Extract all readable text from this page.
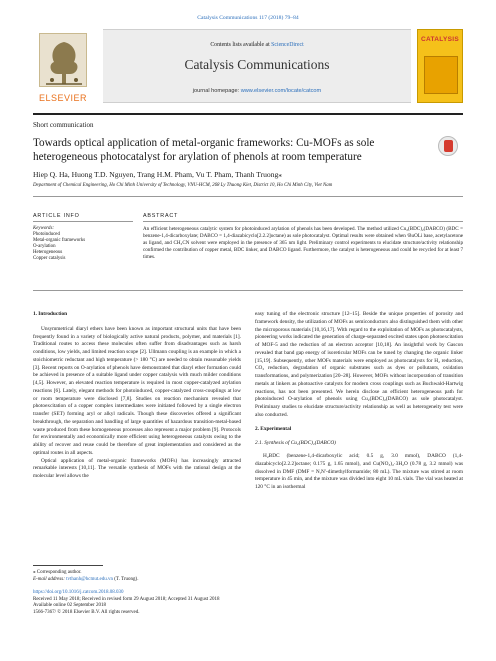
Catalysis Communications 117 (2018) 79–84
ELSEVIER
Contents lists available at ScienceDirect
Catalysis Communications
journal homepage: www.elsevier.com/locate/catcom
CATALYSIS
Short communication
Towards optical application of metal-organic frameworks: Cu-MOFs as sole heterogeneous photocatalyst for arylation of phenols at room temperature
Hiep Q. Ha, Huong T.D. Nguyen, Trang H.M. Pham, Vu T. Pham, Thanh Truong⁎
Department of Chemical Engineering, Ho Chi Minh University of Technology, VNU-HCM, 268 Ly Thuong Kiet, District 10, Ho Chi Minh City, Viet Nam
ARTICLE INFO	ABSTRACT
Keywords:
Photoinduced
Metal-organic frameworks
O-arylation
Heterogeneous
Copper catalysis
An efficient heterogeneous catalytic system for photoinduced arylation of phenols has been developed. The method utilized Cu₂(BDC)₂(DABCO) (BDC = benzene-1,4-dicarboxylate; DABCO = 1,4-diazabicyclo[2.2.2]octane) as sole photocatalyst. Optimal results were obtained when ᵗBuOLi base, acetylacetone as ligand, and CH₃CN solvent were employed in the presence of 365 nm light. Preliminary control experiments to elucidate structure/activity relationship confirmed the contribution of copper metal, BDC linker, and DABCO ligand. Furthermore, the catalyst is heterogeneous and could be recycled for at least 7 times.
1. Introduction

Unsymmetrical diaryl ethers have been known as important structural units that have been frequently found in a variety of biologically active natural products, polymer, and materials [1]. Traditional routes to access these molecules often suffer from disadvantages such as harsh conditions, low yields, and limited reaction scope [2]. Ullmann coupling is an example in which a stoichiometric reductant and high temperature (> 180 °C) are needed to obtain reasonable yields [3]. Recent reports on O-arylation of phenols have demonstrated that diaryl ether formation could be achieved in presence of a suitable ligand under copper catalysis with much milder conditions [4,5]. However, an elevated reaction temperature is required in most copper-catalyzed arylation reactions [6]. Lately, elegant methods for photoinduced, copper-catalyzed cross-couplings at low or room temperature were disclosed [7,8]. Studies on reaction mechanism revealed that photoexcitation of a copper complex intermediates were initiated followed by a single electron transfer (SET) forming aryl or alkyl radicals. Though these discoveries offered a significant breakthrough, the separation and handling of large quantities of hazardous transition-metal-based waste produced from these homogeneous processes also represent a major problem [9]. Protocols for environmentally and economically more efficient using heterogeneous catalysts owing to the ability of recover and reuse could be therefore of great implementation and considered as the optimal routes in all aspects.

Optical application of metal-organic frameworks (MOFs) has increasingly attracted remarkable interests [10,11]. The versatile synthesis of MOFs with the rational design at the molecular level allows the

easy tuning of the electronic structure [12–15]. Beside the unique properties of porosity and framework density, the utilization of MOFs as semiconductors also distinguished them with other the microporous materials [10,16,17]. With regard to the exploitation of MOFs as photocatalysts, pioneering works indicated the generation of charge-separated excited states upon photoexcitation of MOF-5 and the reduction of an electron acceptor [10,18]. An insightful work by Gascon revealed that band gap energy of isoreticular MOFs can be tuned by changing the organic linker [15,19]. Subsequently, other MOFs materials were employed as photocatalysts for H₂ reduction, CO₂ reduction, degradation of organic substrates such as dyes or pollutants, oxidation transformations, and polymerization [20–28]. However, MOFs without incorporation of transition metals at linkers as photoactive catalysts for modern cross couplings such as Buchwald-Hartwig reactions, has not been presented. We herein disclose an efficient heterogeneous path for photoinduced O-arylation of phenols using Cu₂(BDC)₂(DABCO) as sole photocatalyst. Preliminary studies to elucidate structure/activity relationship as well as heterogeneity test were also conducted.

2. Experimental
2.1. Synthesis of Cu₂(BDC)₂(DABCO)

H₂BDC (benzene-1,4-dicarboxylic acid; 0.5 g, 3.0 mmol), DABCO (1,4-diazabicyclo[2.2.2]octane; 0.175 g, 1.65 mmol), and Cu(NO₃)₂·3H₂O (0.78 g, 3.2 mmol) was dissolved in DMF (DMF = N,N′-dimethylformamide; 80 mL). The mixture was stirred at room temperature in 45 min, and the mixture was divided into eight 10 mL vials. The vial was heated at 120 °C in an isothermal

⁎ Corresponding author.
E-mail address: tvthanh@hcmut.edu.vn (T. Truong).
https://doi.org/10.1016/j.catcom.2018.08.030
Received 11 May 2018; Received in revised form 29 August 2018; Accepted 31 August 2018
Available online 02 September 2018
1566-7367/ © 2018 Elsevier B.V. All rights reserved.
